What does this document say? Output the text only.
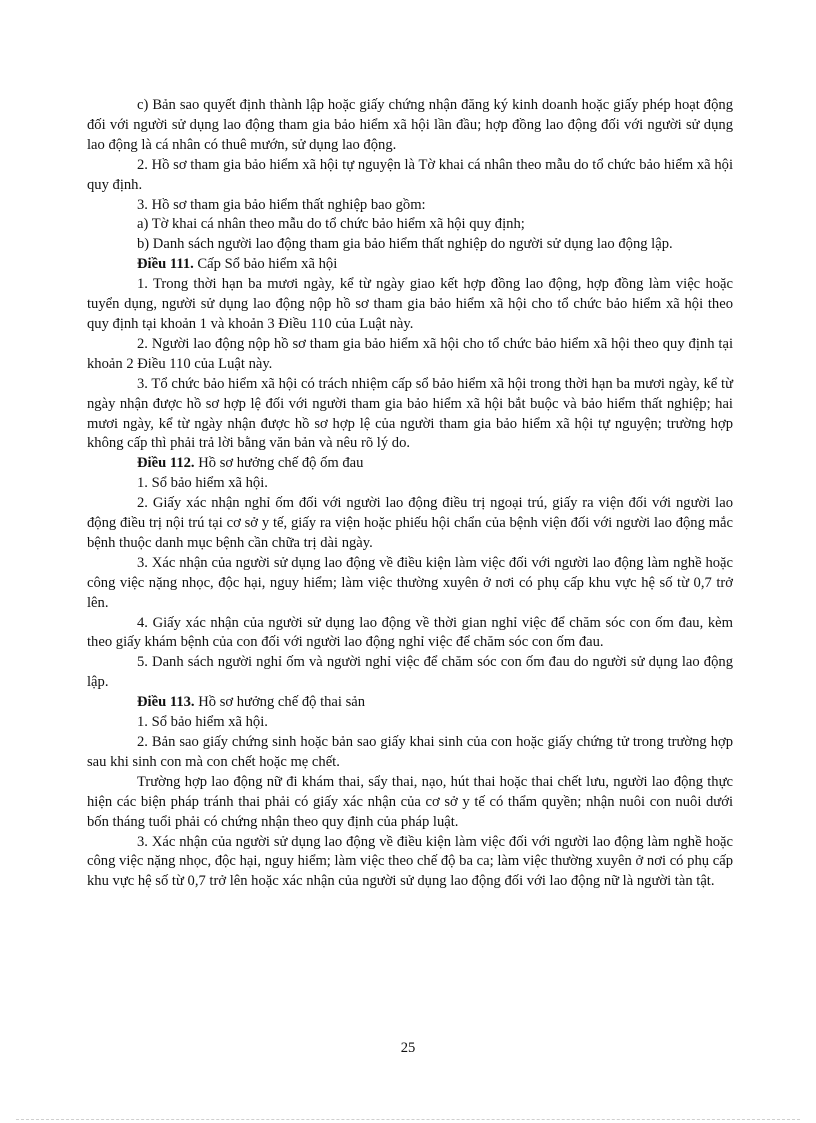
c) Bản sao quyết định thành lập hoặc giấy chứng nhận đăng ký kinh doanh hoặc giấy phép hoạt động đối với người sử dụng lao động tham gia bảo hiểm xã hội lần đầu; hợp đồng lao động đối với người sử dụng lao động là cá nhân có thuê mướn, sử dụng lao động.

2. Hồ sơ tham gia bảo hiểm xã hội tự nguyện là Tờ khai cá nhân theo mẫu do tổ chức bảo hiểm xã hội quy định.

3. Hồ sơ tham gia bảo hiểm thất nghiệp bao gồm:

a) Tờ khai cá nhân theo mẫu do tổ chức bảo hiểm xã hội quy định;

b) Danh sách người lao động tham gia bảo hiểm thất nghiệp do người sử dụng lao động lập.

Điều 111. Cấp Sổ bảo hiểm xã hội

1. Trong thời hạn ba mươi ngày, kể từ ngày giao kết hợp đồng lao động, hợp đồng làm việc hoặc tuyển dụng, người sử dụng lao động nộp hồ sơ tham gia bảo hiểm xã hội cho tổ chức bảo hiểm xã hội theo quy định tại khoản 1 và khoản 3 Điều 110 của Luật này.

2. Người lao động nộp hồ sơ tham gia bảo hiểm xã hội cho tổ chức bảo hiểm xã hội theo quy định tại khoản 2 Điều 110 của Luật này.

3. Tổ chức bảo hiểm xã hội có trách nhiệm cấp sổ bảo hiểm xã hội trong thời hạn ba mươi ngày, kể từ ngày nhận được hồ sơ hợp lệ đối với người tham gia bảo hiểm xã hội bắt buộc và bảo hiểm thất nghiệp; hai mươi ngày, kể từ ngày nhận được hồ sơ hợp lệ của người tham gia bảo hiểm xã hội tự nguyện; trường hợp không cấp thì phải trả lời bằng văn bản và nêu rõ lý do.

Điều 112. Hồ sơ hưởng chế độ ốm đau

1. Sổ bảo hiểm xã hội.

2. Giấy xác nhận nghỉ ốm đối với người lao động điều trị ngoại trú, giấy ra viện đối với người lao động điều trị nội trú tại cơ sở y tế, giấy ra viện hoặc phiếu hội chẩn của bệnh viện đối với người lao động mắc bệnh thuộc danh mục bệnh cần chữa trị dài ngày.

3. Xác nhận của người sử dụng lao động về điều kiện làm việc đối với người lao động làm nghề hoặc công việc nặng nhọc, độc hại, nguy hiểm; làm việc thường xuyên ở nơi có phụ cấp khu vực hệ số từ 0,7 trở lên.

4. Giấy xác nhận của người sử dụng lao động về thời gian nghỉ việc để chăm sóc con ốm đau, kèm theo giấy khám bệnh của con đối với người lao động nghỉ việc để chăm sóc con ốm đau.

5. Danh sách người nghỉ ốm và người nghỉ việc để chăm sóc con ốm đau do người sử dụng lao động lập.

Điều 113. Hồ sơ hưởng chế độ thai sản

1. Sổ bảo hiểm xã hội.

2. Bản sao giấy chứng sinh hoặc bản sao giấy khai sinh của con hoặc giấy chứng tử trong trường hợp sau khi sinh con mà con chết hoặc mẹ chết.

Trường hợp lao động nữ đi khám thai, sẩy thai, nạo, hút thai hoặc thai chết lưu, người lao động thực hiện các biện pháp tránh thai phải có giấy xác nhận của cơ sở y tế có thẩm quyền; nhận nuôi con nuôi dưới bốn tháng tuổi phải có chứng nhận theo quy định của pháp luật.

3. Xác nhận của người sử dụng lao động về điều kiện làm việc đối với người lao động làm nghề hoặc công việc nặng nhọc, độc hại, nguy hiểm; làm việc theo chế độ ba ca; làm việc thường xuyên ở nơi có phụ cấp khu vực hệ số từ 0,7 trở lên hoặc xác nhận của người sử dụng lao động đối với lao động nữ là người tàn tật.

25
